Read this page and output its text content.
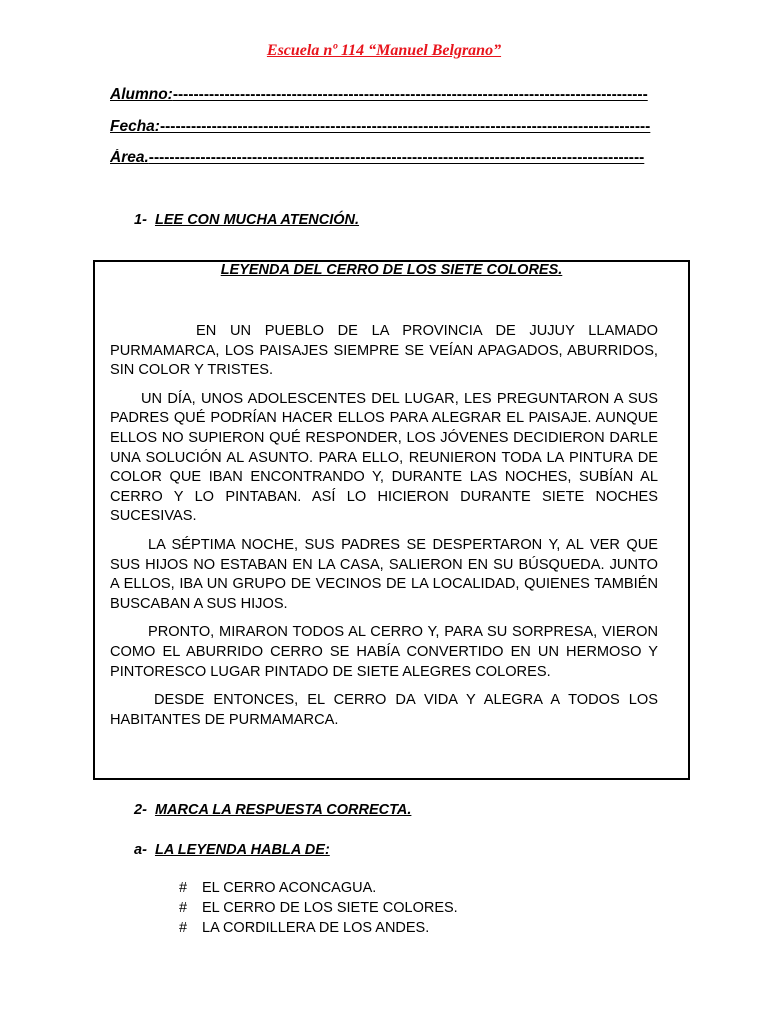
Escuela nº 114 “Manuel Belgrano”
Alumno:--------------------------------------------------------------------------------------------
Fecha:-----------------------------------------------------------------------------------------------
Área.------------------------------------------------------------------------------------------------
1- LEE CON MUCHA ATENCIÓN.
LEYENDA DEL CERRO DE LOS SIETE COLORES.

EN UN PUEBLO DE LA PROVINCIA DE JUJUY LLAMADO PURMAMARCA, LOS PAISAJES SIEMPRE SE VEÍAN APAGADOS, ABURRIDOS, SIN COLOR Y TRISTES.

UN DÍA, UNOS ADOLESCENTES DEL LUGAR, LES PREGUNTARON A SUS PADRES QUÉ PODRÍAN HACER ELLOS PARA ALEGRAR EL PAISAJE. AUNQUE ELLOS NO SUPIERON QUÉ RESPONDER, LOS JÓVENES DECIDIERON DARLE UNA SOLUCIÓN AL ASUNTO. PARA ELLO, REUNIERON TODA LA PINTURA DE COLOR QUE IBAN ENCONTRANDO Y, DURANTE LAS NOCHES, SUBÍAN AL CERRO Y LO PINTABAN. ASÍ LO HICIERON DURANTE SIETE NOCHES SUCESIVAS.

LA SÉPTIMA NOCHE, SUS PADRES SE DESPERTARON Y, AL VER QUE SUS HIJOS NO ESTABAN EN LA CASA, SALIERON EN SU BÚSQUEDA. JUNTO A ELLOS, IBA UN GRUPO DE VECINOS DE LA LOCALIDAD, QUIENES TAMBIÉN BUSCABAN A SUS HIJOS.

PRONTO, MIRARON TODOS AL CERRO Y, PARA SU SORPRESA, VIERON COMO EL ABURRIDO CERRO SE HABÍA CONVERTIDO EN UN HERMOSO Y PINTORESCO LUGAR PINTADO DE SIETE ALEGRES COLORES.

DESDE ENTONCES, EL CERRO DA VIDA Y ALEGRA A TODOS LOS HABITANTES DE PURMAMARCA.

2- MARCA LA RESPUESTA CORRECTA.
a- LA LEYENDA HABLA DE:
#	EL CERRO ACONCAGUA.
#	EL CERRO DE LOS SIETE COLORES.
#	LA CORDILLERA DE LOS ANDES.
